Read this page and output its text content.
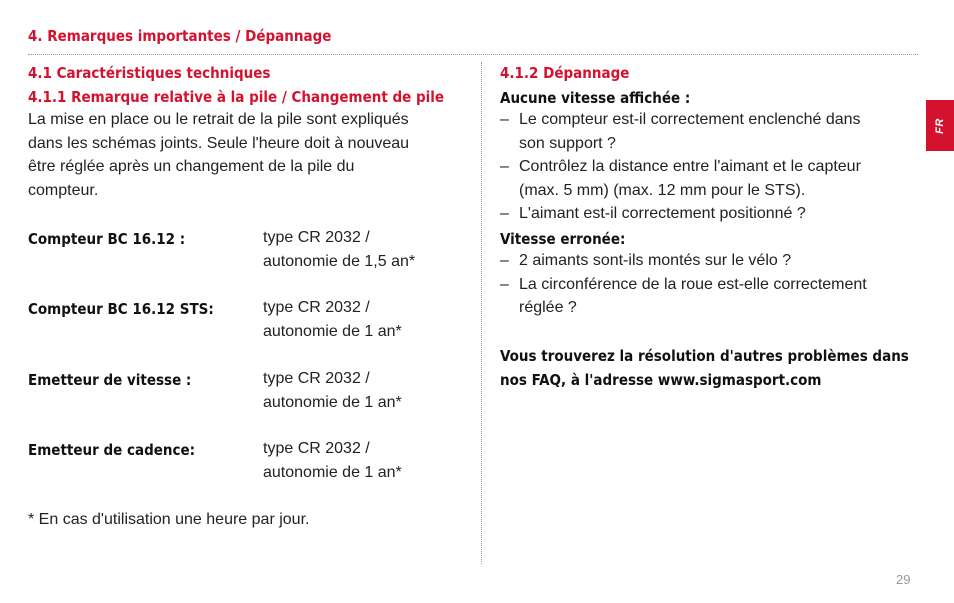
4. Remarques importantes / Dépannage
4.1 Caractéristiques techniques
4.1.1 Remarque relative à la pile / Changement de pile
La mise en place ou le retrait de la pile sont expliqués
dans les schémas joints. Seule l'heure doit à nouveau
être réglée après un changement de la pile du
compteur.
Compteur BC 16.12 :	type CR 2032 /
autonomie de 1,5 an*
Compteur BC 16.12 STS:	type CR 2032 /
autonomie de 1 an*
Emetteur de vitesse :	type CR 2032 /
autonomie de 1 an*
Emetteur de cadence:	type CR 2032 /
autonomie de 1 an*
* En cas d'utilisation une heure par jour.
4.1.2 Dépannage
Aucune vitesse affichée :
– Le compteur est-il correctement enclenché dans
son support ?
– Contrôlez la distance entre l'aimant et le capteur
(max. 5 mm) (max. 12 mm pour le STS).
– L'aimant est-il correctement positionné ?
Vitesse erronée:
– 2 aimants sont-ils montés sur le vélo ?
– La circonférence de la roue est-elle correctement
réglée ?
Vous trouverez la résolution d'autres problèmes dans
nos FAQ, à l'adresse www.sigmasport.com
FR
29
